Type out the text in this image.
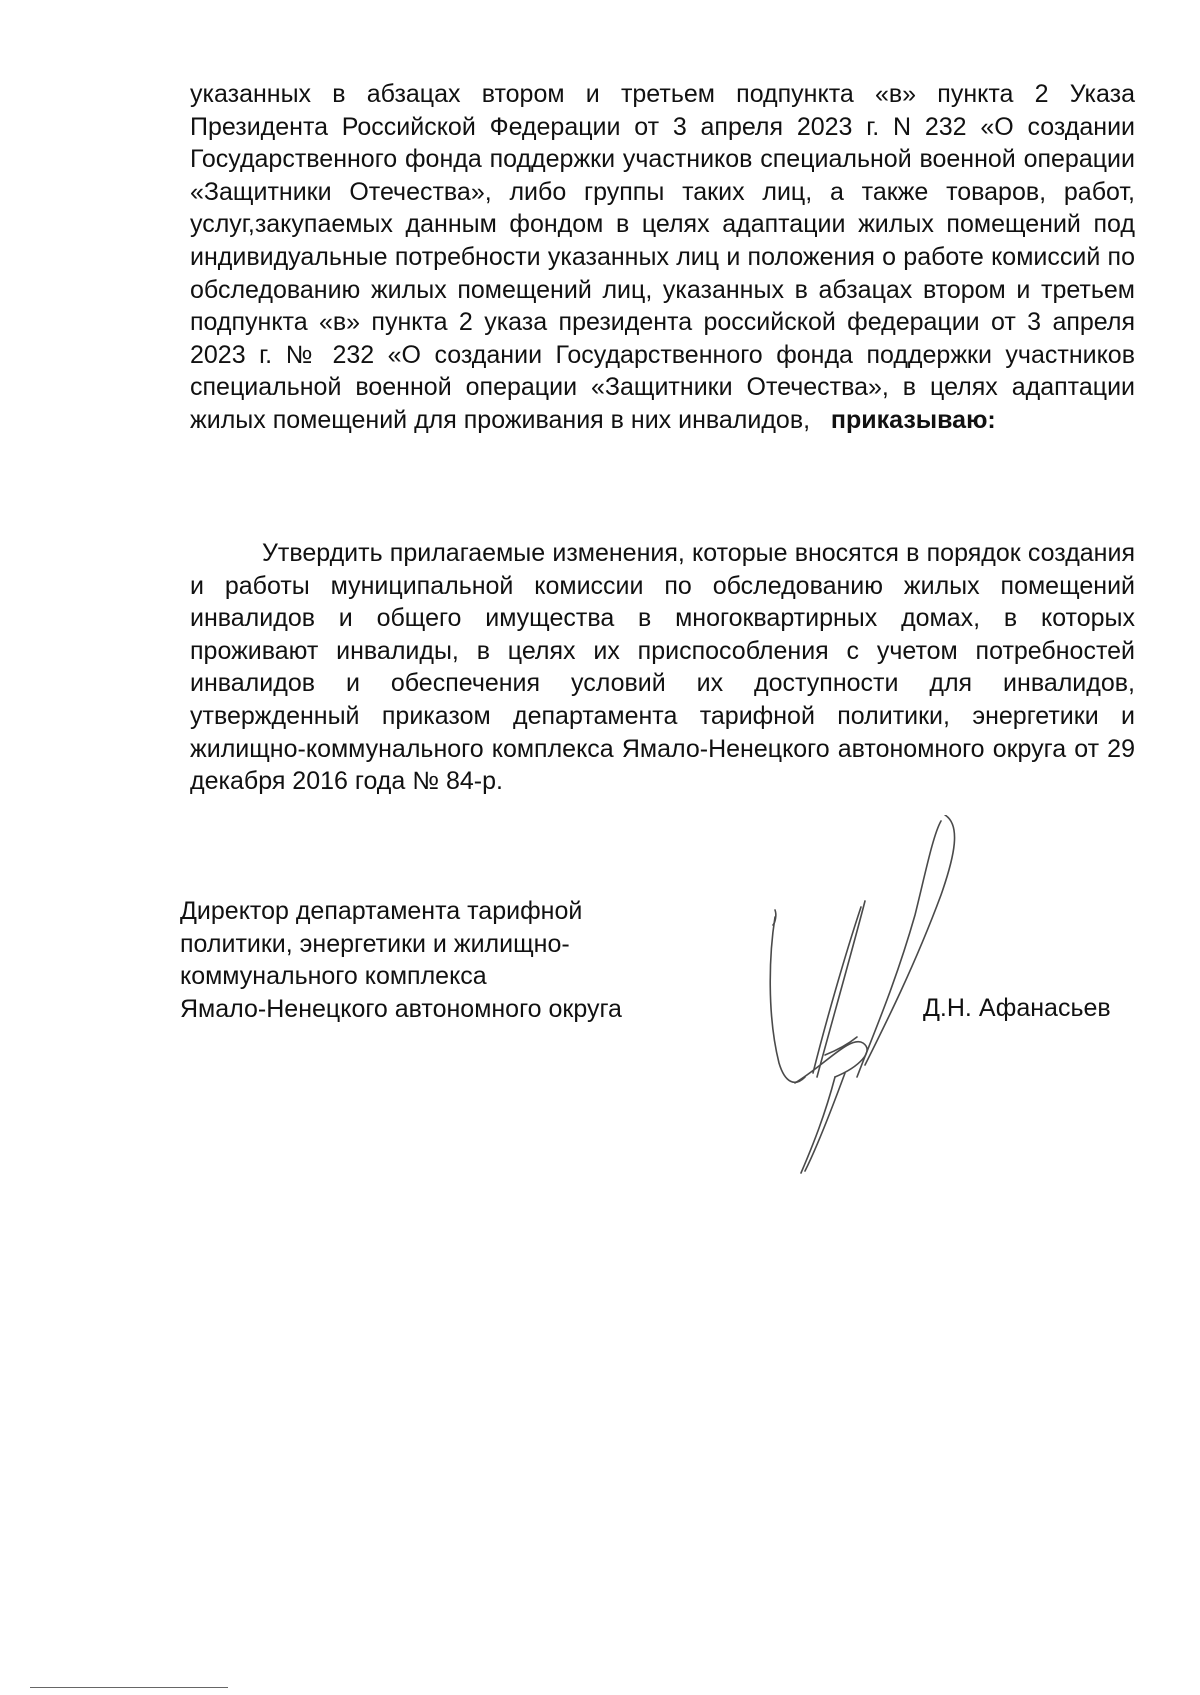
указанных в абзацах втором и третьем подпункта «в» пункта 2 Указа Президента Российской Федерации от 3 апреля 2023 г. N 232 «О создании Государственного фонда поддержки участников специальной военной операции «Защитники Отечества», либо группы таких лиц, а также товаров, работ, услуг,закупаемых данным фондом в целях адаптации жилых помещений под индивидуальные потребности указанных лиц и положения о работе комиссий по обследованию жилых помещений лиц, указанных в абзацах втором и третьем подпункта «в» пункта 2 указа президента российской федерации от 3 апреля 2023 г. № 232 «О создании Государственного фонда поддержки участников специальной военной операции «Защитники Отечества», в целях адаптации жилых помещений для проживания в них инвалидов, приказываю:

Утвердить прилагаемые изменения, которые вносятся в порядок создания и работы муниципальной комиссии по обследованию жилых помещений инвалидов и общего имущества в многоквартирных домах, в которых проживают инвалиды, в целях их приспособления с учетом потребностей инвалидов и обеспечения условий их доступности для инвалидов, утвержденный приказом департамента тарифной политики, энергетики и жилищно-коммунального комплекса Ямало-Ненецкого автономного округа от 29 декабря 2016 года № 84-р.

Директор департамента тарифной
политики, энергетики и жилищно-
коммунального комплекса
Ямало-Ненецкого автономного округа	Д.Н. Афанасьев
